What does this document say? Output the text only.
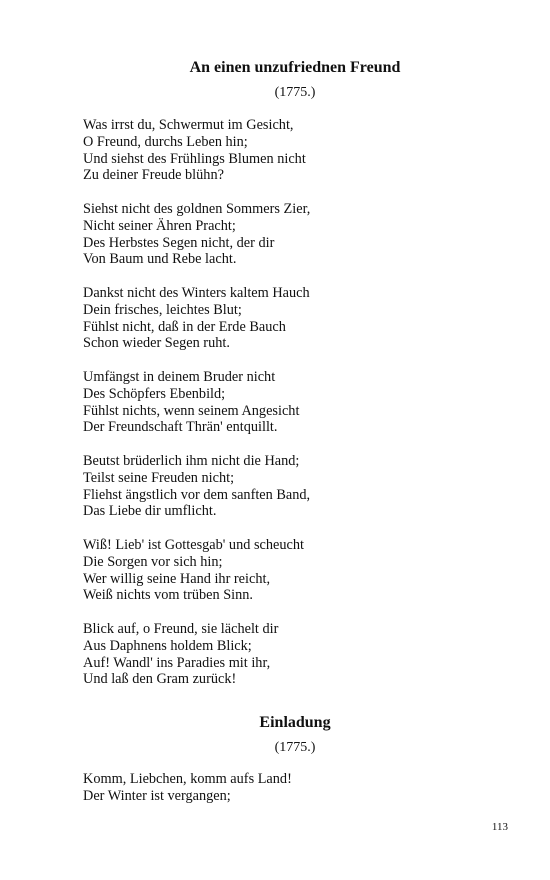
An einen unzufriednen Freund
(1775.)
Was irrst du, Schwermut im Gesicht,
O Freund, durchs Leben hin;
Und siehst des Frühlings Blumen nicht
Zu deiner Freude blühn?
Siehst nicht des goldnen Sommers Zier,
Nicht seiner Ähren Pracht;
Des Herbstes Segen nicht, der dir
Von Baum und Rebe lacht.
Dankst nicht des Winters kaltem Hauch
Dein frisches, leichtes Blut;
Fühlst nicht, daß in der Erde Bauch
Schon wieder Segen ruht.
Umfängst in deinem Bruder nicht
Des Schöpfers Ebenbild;
Fühlst nichts, wenn seinem Angesicht
Der Freundschaft Thrän' entquillt.
Beutst brüderlich ihm nicht die Hand;
Teilst seine Freuden nicht;
Fliehst ängstlich vor dem sanften Band,
Das Liebe dir umflicht.
Wiß! Lieb' ist Gottesgab' und scheucht
Die Sorgen vor sich hin;
Wer willig seine Hand ihr reicht,
Weiß nichts vom trüben Sinn.
Blick auf, o Freund, sie lächelt dir
Aus Daphnens holdem Blick;
Auf! Wandl' ins Paradies mit ihr,
Und laß den Gram zurück!
Einladung
(1775.)
Komm, Liebchen, komm aufs Land!
Der Winter ist vergangen;
113
